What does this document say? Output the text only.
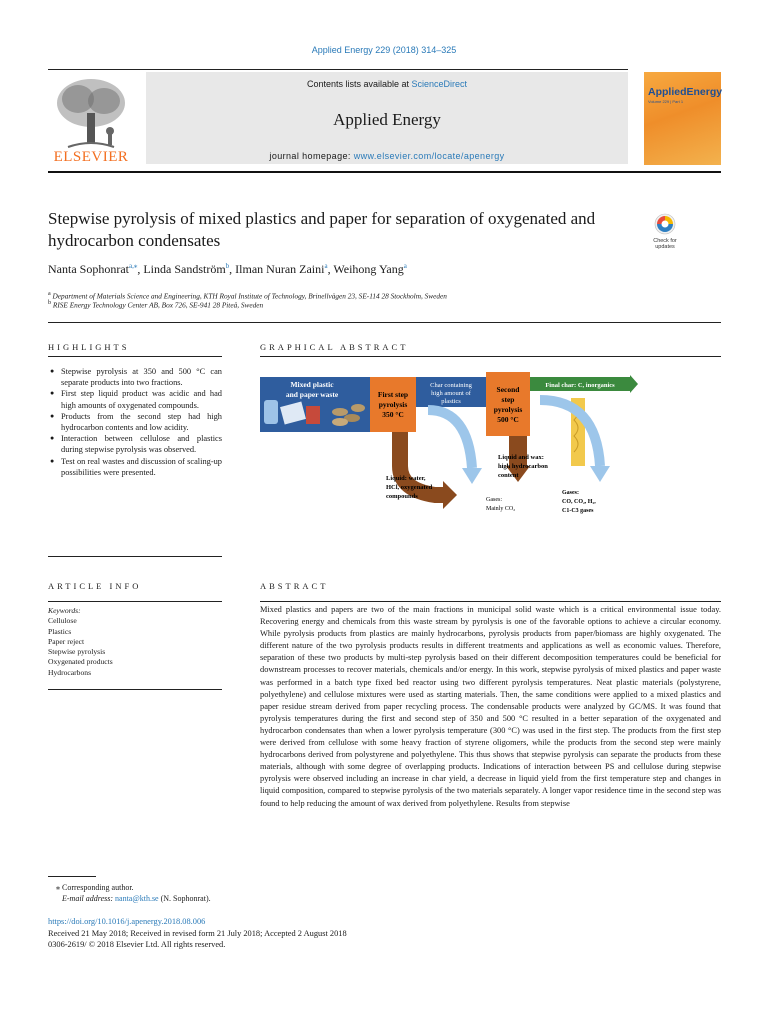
Applied Energy 229 (2018) 314–325
ELSEVIER
Contents lists available at ScienceDirect
Applied Energy
journal homepage: www.elsevier.com/locate/apenergy
AppliedEnergy
Volume 229 | Part 1
Stepwise pyrolysis of mixed plastics and paper for separation of oxygenated and hydrocarbon condensates	Check for
updates
Nanta Sophonrat$^{a,⁎}$, Linda Sandström$^b$, Ilman Nuran Zaini$^a$, Weihong Yang$^a$
$^a$ Department of Materials Science and Engineering, KTH Royal Institute of Technology, Brinellvägen 23, SE-114 28 Stockholm, Sweden
$^b$ RISE Energy Technology Center AB, Box 726, SE-941 28 Piteå, Sweden
HIGHLIGHTS
● Stepwise pyrolysis at 350 and 500 °C can separate products into two fractions.
● First step liquid product was acidic and had high amounts of oxygenated compounds.
● Products from the second step had high hydrocarbon contents and low acidity.
● Interaction between cellulose and plastics during stepwise pyrolysis was observed.
● Test on real wastes and discussion of scaling-up possibilities were presented.
GRAPHICAL ABSTRACT
Mixed plastic
and paper waste	First step
pyrolysis
350 °C
Char containing
high amount of
plastics
Second
step
pyrolysis
500 °C
Final char: C, inorganics
Liquid: water,
HCl, oxygenated
compounds	Gases:
Mainly CO₂
Liquid and wax:
high hydrocarbon
content
Gases:
CO, CO₂, H₂,
C1-C3 gases
ARTICLE INFO
Keywords:
Cellulose
Plastics
Paper reject
Stepwise pyrolysis
Oxygenated products
Hydrocarbons
ABSTRACT
Mixed plastics and papers are two of the main fractions in municipal solid waste which is a critical environmental issue today. Recovering energy and chemicals from this waste stream by pyrolysis is one of the favorable options to achieve a circular economy. While pyrolysis products from plastics are mainly hydrocarbons, pyrolysis products from paper/biomass are highly oxygenated. The different nature of the two pyrolysis products results in different treatments and applications as well as economic values. Therefore, separation of these two products by multi-step pyrolysis based on their different decomposition temperatures could be beneficial for downstream processes to recover materials, chemicals and/or energy. In this work, stepwise pyrolysis of mixed plastics and paper waste was performed in a batch type fixed bed reactor using two different pyrolysis temperatures. Neat plastic materials (polystyrene, polyethylene) and cellulose mixtures were used as starting materials. Then, the same conditions were applied to a mixed plastics and paper residue stream derived from paper recycling process. The condensable products were analyzed by GC/MS. It was found that pyrolysis temperatures during the first and second step of 350 and 500 °C resulted in a better separation of the oxygenated and hydrocarbon condensates than when a lower pyrolysis temperature (300 °C) was used in the first step. The products from the first step were derived from cellulose with some heavy fraction of styrene oligomers, while the products from the second step were mainly hydrocarbons derived from polystyrene and polyethylene. This thus shows that stepwise pyrolysis can separate the products from these materials, although with some degree of overlapping products. Indications of interaction between PS and cellulose during stepwise pyrolysis were observed including an increase in char yield, a decrease in liquid yield from the first temperature step and changes in liquid composition, compared to stepwise pyrolysis of the two materials separately. A longer vapor residence time in the second step was found to help reducing the amount of wax derived from polyethylene. Results from stepwise
⁎ Corresponding author.
E-mail address: nanta@kth.se (N. Sophonrat).
https://doi.org/10.1016/j.apenergy.2018.08.006
Received 21 May 2018; Received in revised form 21 July 2018; Accepted 2 August 2018
0306-2619/ © 2018 Elsevier Ltd. All rights reserved.
